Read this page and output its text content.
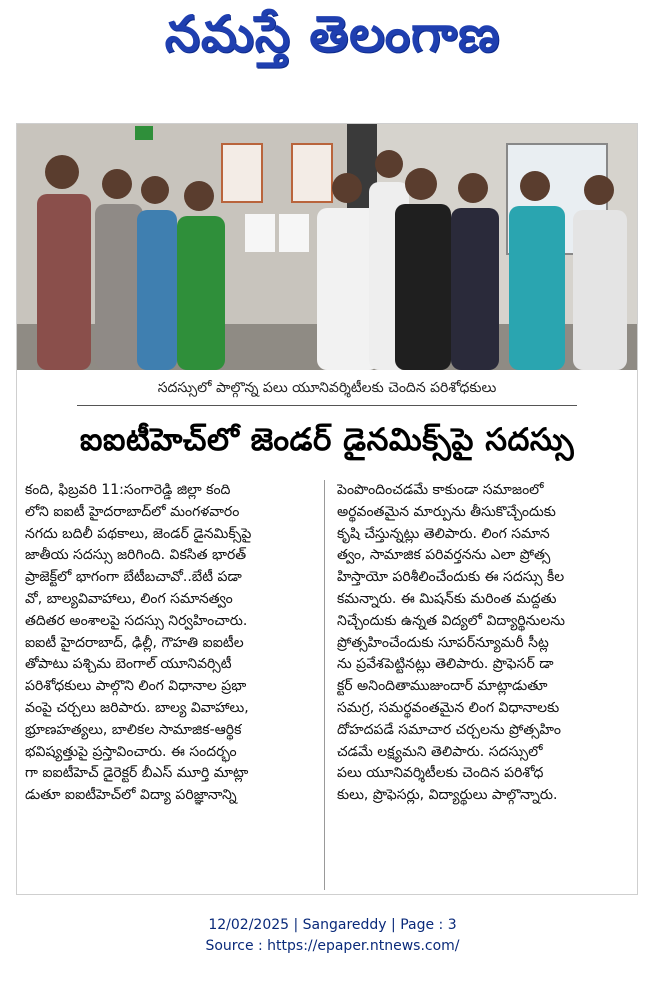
నమస్తే తెలంగాణ
సదస్సులో పాల్గొన్న పలు యూనివర్శిటీలకు చెందిన పరిశోధకులు
ఐఐటీహెచ్‌లో జెండర్ డైనమిక్స్‌పై సదస్సు
కంది, ఫిబ్రవరి 11:సంగారెడ్డి జిల్లా కంది
లోని ఐఐటీ హైదరాబాద్‌లో మంగళవారం
నగదు బదిలీ పథకాలు, జెండర్ డైనమిక్స్‌పై
జాతీయ సదస్సు జరిగింది. వికసిత భారత్
ప్రాజెక్ట్‌లో భాగంగా బేటీబచావో..బేటీ పడా
వో, బాల్యవివాహాలు, లింగ సమానత్వం
తదితర అంశాలపై సదస్సు నిర్వహించారు.
ఐఐటీ హైదరాబాద్, ఢిల్లీ, గౌహతి ఐఐటీల
తోపాటు పశ్చిమ బెంగాల్ యూనివర్సిటీ
పరిశోధకులు పాల్గొని లింగ విధానాల ప్రభా
వంపై చర్చలు జరిపారు. బాల్య వివాహాలు,
భ్రూణహత్యలు, బాలికల సామాజిక-ఆర్థిక
భవిష్యత్తుపై ప్రస్తావించారు. ఈ సందర్భం
గా ఐఐటీహెచ్ డైరెక్టర్ బీఎస్ మూర్తి మాట్లా
డుతూ ఐఐటీహెచ్‌లో విద్యా పరిజ్ఞానాన్ని
పెంపొందించడమే కాకుండా సమాజంలో
అర్థవంతమైన మార్పును తీసుకొచ్చేందుకు
కృషి చేస్తున్నట్లు తెలిపారు. లింగ సమాన
త్వం, సామాజిక పరివర్తనను ఎలా ప్రోత్స
హిస్తాయో పరిశీలించేందుకు ఈ సదస్సు కీల
కమన్నారు. ఈ మిషన్‌కు మరింత మద్దతు
నిచ్చేందుకు ఉన్నత విద్యలో విద్యార్థినులను
ప్రోత్సహించేందుకు సూపర్‌న్యూమరీ సీట్ల
ను ప్రవేశపెట్టినట్లు తెలిపారు. ప్రొఫెసర్ డా
క్టర్ అనిందితాముజుందార్ మాట్లాడుతూ
సమగ్ర, సమర్థవంతమైన లింగ విధానాలకు
దోహదపడే సమాచార చర్చలను ప్రోత్సహిం
చడమే లక్ష్యమని తెలిపారు. సదస్సులో
పలు యూనివర్శిటీలకు చెందిన పరిశోధ
కులు, ప్రొఫెసర్లు, విద్యార్థులు పాల్గొన్నారు.
12/02/2025 | Sangareddy | Page : 3
Source : https://epaper.ntnews.com/
